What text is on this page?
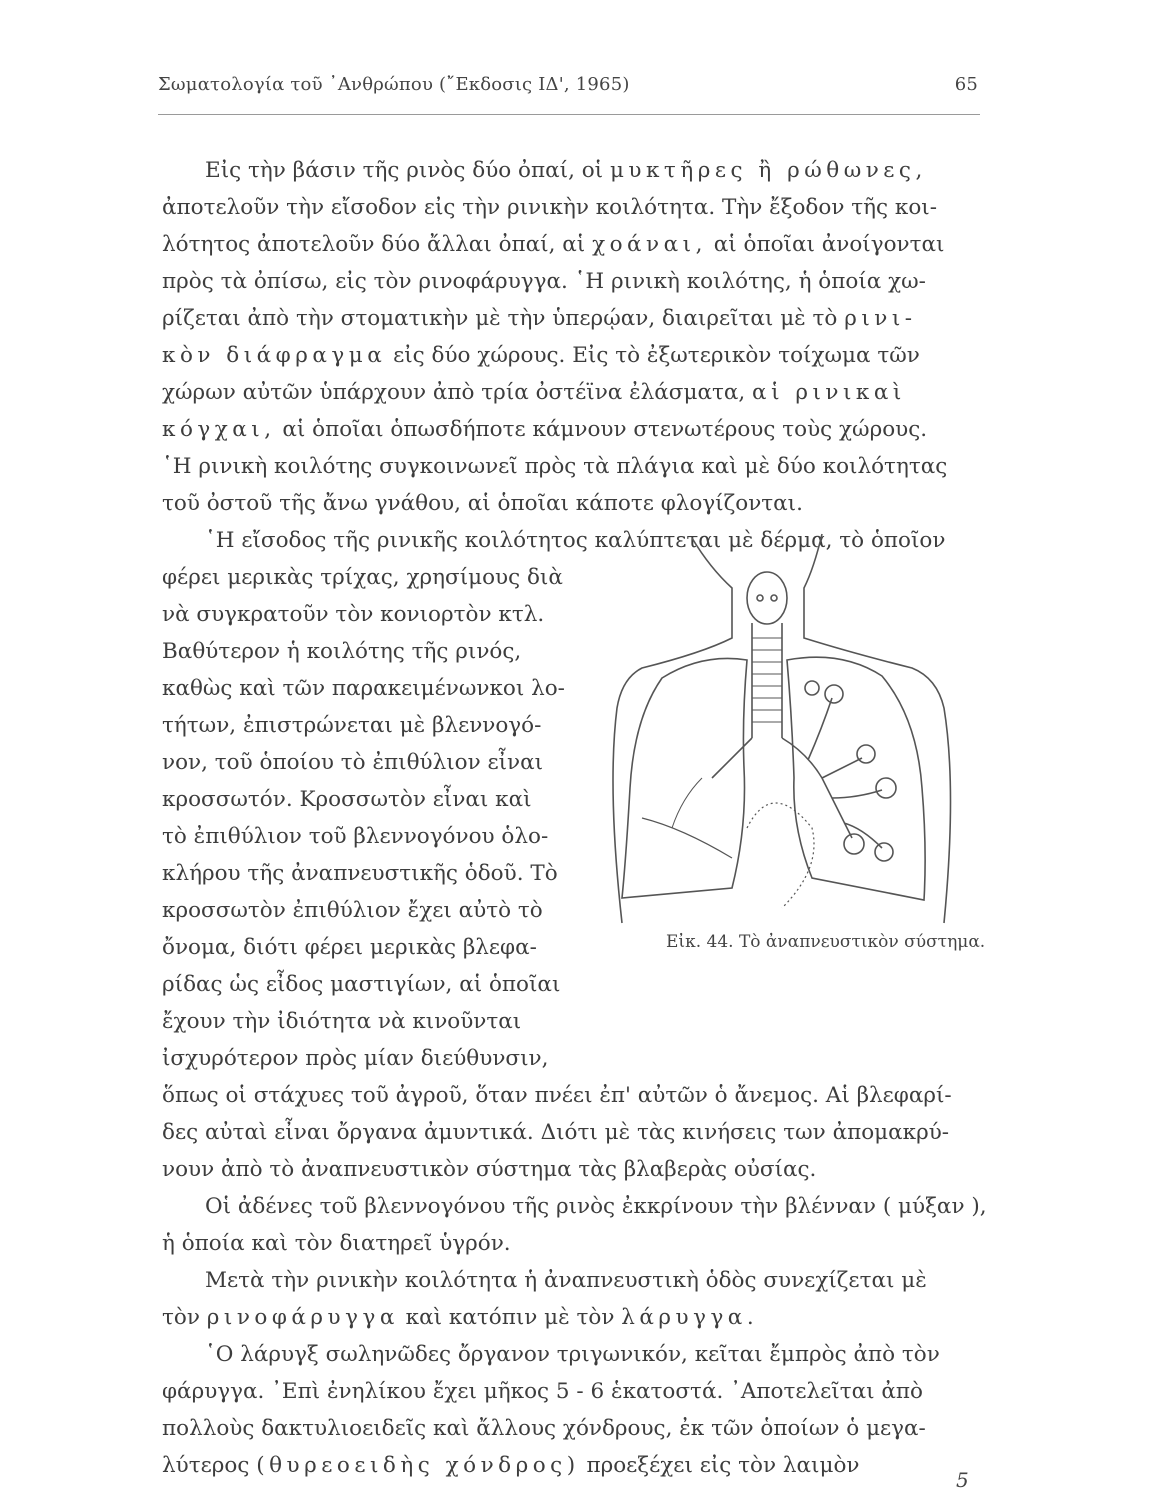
Σωματολογία τοῦ ᾿Ανθρώπου (῎Εκδοσις ΙΔ', 1965)	65
Εἰς τὴν βάσιν τῆς ρινὸς δύο ὀπαί, οἱ μυκτῆρες ἢ ρώθωνες,
ἀποτελοῦν τὴν εἴσοδον εἰς τὴν ρινικὴν κοιλότητα. Τὴν ἔξοδον τῆς κοι-
λότητος ἀποτελοῦν δύο ἄλλαι ὀπαί, αἱ χοάναι, αἱ ὁποῖαι ἀνοίγονται
πρὸς τὰ ὀπίσω, εἰς τὸν ρινοφάρυγγα. ῾Η ρινικὴ κοιλότης, ἡ ὁποία χω-
ρίζεται ἀπὸ τὴν στοματικὴν μὲ τὴν ὑπερῴαν, διαιρεῖται μὲ τὸ ρινι-
κὸν διάφραγμα εἰς δύο χώρους. Εἰς τὸ ἐξωτερικὸν τοίχωμα τῶν
χώρων αὐτῶν ὑπάρχουν ἀπὸ τρία ὀστέϊνα ἐλάσματα, αἱ ρινικαὶ
κόγχαι, αἱ ὁποῖαι ὁπωσδήποτε κάμνουν στενωτέρους τοὺς χώρους.
῾Η ρινικὴ κοιλότης συγκοινωνεῖ πρὸς τὰ πλάγια καὶ μὲ δύο κοιλότητας
τοῦ ὀστοῦ τῆς ἄνω γνάθου, αἱ ὁποῖαι κάποτε φλογίζονται.
῾Η εἴσοδος τῆς ρινικῆς κοιλότητος καλύπτεται μὲ δέρμα, τὸ ὁποῖον
φέρει μερικὰς τρίχας, χρησίμους διὰ
νὰ συγκρατοῦν τὸν κονιορτὸν κτλ.
Βαθύτερον ἡ κοιλότης τῆς ρινός,
καθὼς καὶ τῶν παρακειμένωνκοι λο-
τήτων, ἐπιστρώνεται μὲ βλεννογό-
νον, τοῦ ὁποίου τὸ ἐπιθύλιον εἶναι
κροσσωτόν. Κροσσωτὸν εἶναι καὶ
τὸ ἐπιθύλιον τοῦ βλεννογόνου ὁλο-
κλήρου τῆς ἀναπνευστικῆς ὁδοῦ. Τὸ
κροσσωτὸν ἐπιθύλιον ἔχει αὐτὸ τὸ
ὄνομα, διότι φέρει μερικὰς βλεφα-
ρίδας ὡς εἶδος μαστιγίων, αἱ ὁποῖαι
ἔχουν τὴν ἰδιότητα νὰ κινοῦνται
ἰσχυρότερον πρὸς μίαν διεύθυνσιν,
Εἰκ. 44. Τὸ ἀναπνευστικὸν σύστημα.
ὅπως οἱ στάχυες τοῦ ἀγροῦ, ὅταν πνέει ἐπ' αὐτῶν ὁ ἄνεμος. Αἱ βλεφαρί-
δες αὐταὶ εἶναι ὄργανα ἀμυντικά. Διότι μὲ τὰς κινήσεις των ἀπομακρύ-
νουν ἀπὸ τὸ ἀναπνευστικὸν σύστημα τὰς βλαβερὰς οὐσίας.
Οἱ ἀδένες τοῦ βλεννογόνου τῆς ρινὸς ἐκκρίνουν τὴν βλένναν ( μύξαν ),
ἡ ὁποία καὶ τὸν διατηρεῖ ὑγρόν.
Μετὰ τὴν ρινικὴν κοιλότητα ἡ ἀναπνευστικὴ ὁδὸς συνεχίζεται μὲ
τὸν ρινοφάρυγγα καὶ κατόπιν μὲ τὸν λάρυγγα.
῾Ο λάρυγξ σωληνῶδες ὄργανον τριγωνικόν, κεῖται ἔμπρὸς ἀπὸ τὸν
φάρυγγα. ᾿Επὶ ἐνηλίκου ἔχει μῆκος 5 - 6 ἑκατοστά. ᾿Αποτελεῖται ἀπὸ
πολλοὺς δακτυλιοειδεῖς καὶ ἄλλους χόνδρους, ἐκ τῶν ὁποίων ὁ μεγα-
λύτερος (θυρεοειδὴς χόνδρος) προεξέχει εἰς τὸν λαιμὸν
5
